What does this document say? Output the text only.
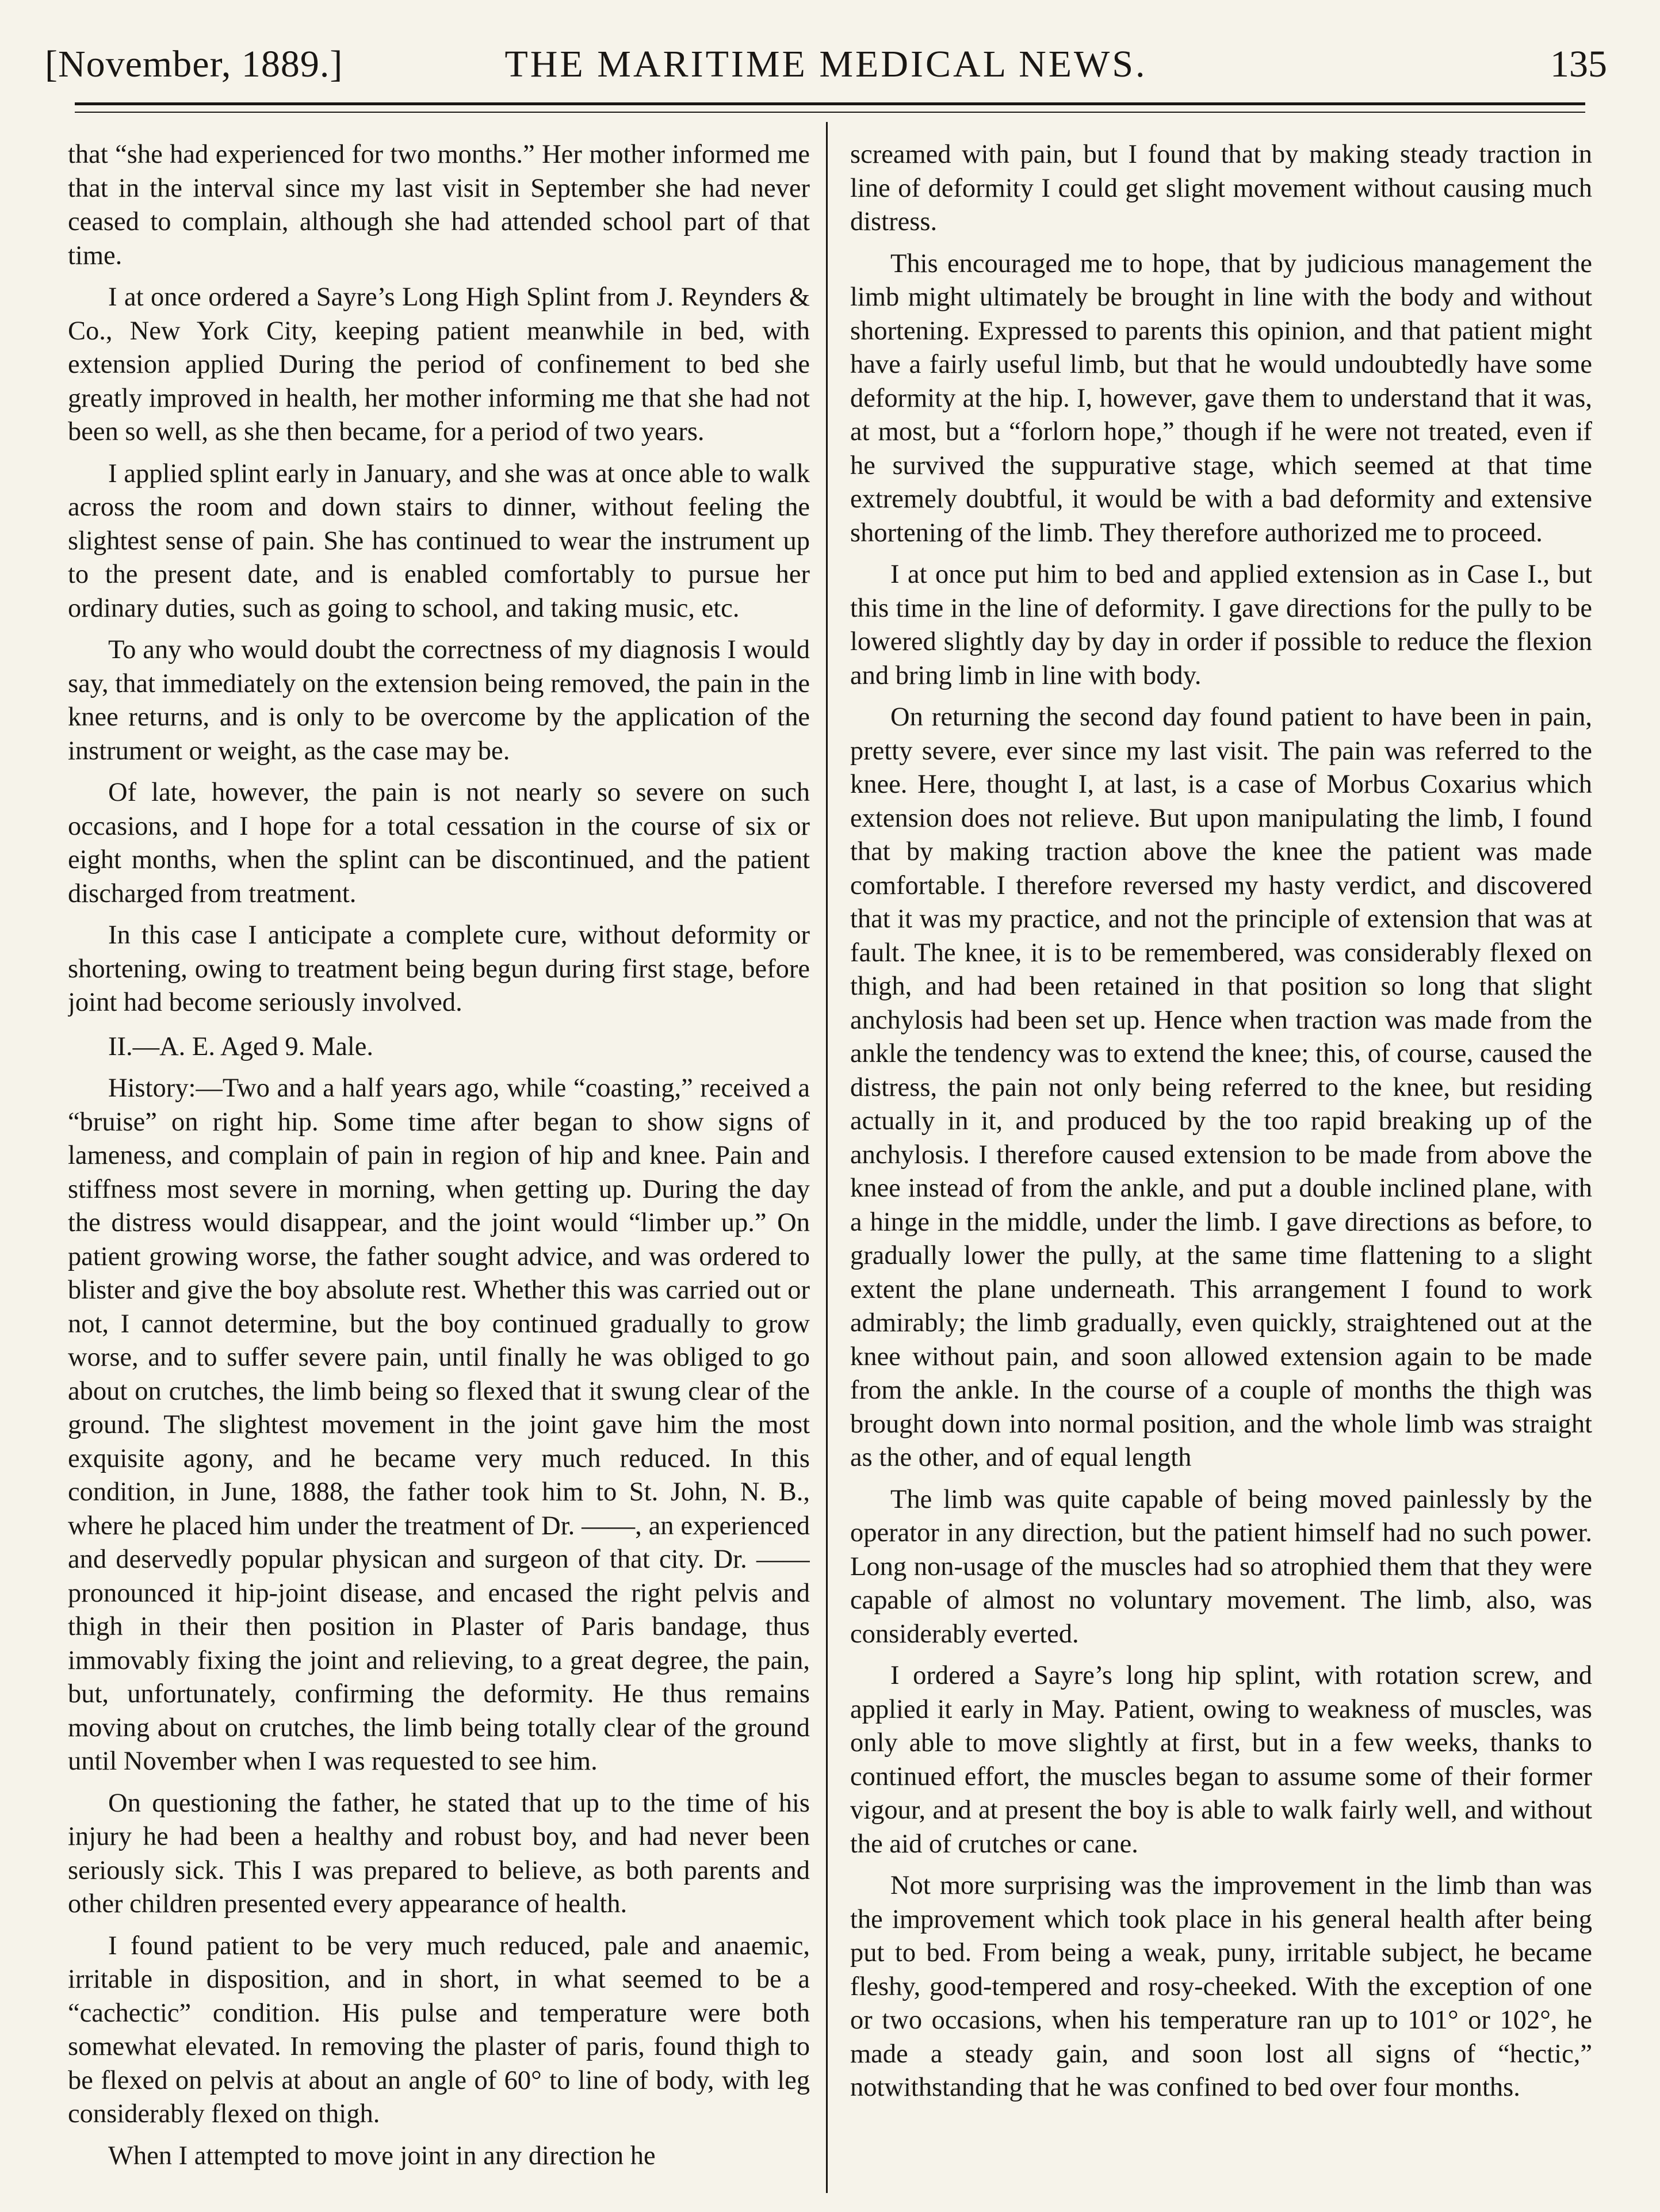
[November, 1889.]	THE MARITIME MEDICAL NEWS.	135

that “she had experienced for two months.” Her mother informed me that in the interval since my last visit in September she had never ceased to complain, although she had attended school part of that time.

I at once ordered a Sayre’s Long High Splint from J. Reynders & Co., New York City, keeping patient meanwhile in bed, with extension applied During the period of confinement to bed she greatly improved in health, her mother informing me that she had not been so well, as she then became, for a period of two years.

I applied splint early in January, and she was at once able to walk across the room and down stairs to dinner, without feeling the slightest sense of pain. She has continued to wear the instrument up to the present date, and is enabled comfortably to pursue her ordinary duties, such as going to school, and taking music, etc.

To any who would doubt the correctness of my diagnosis I would say, that immediately on the extension being removed, the pain in the knee returns, and is only to be overcome by the application of the instrument or weight, as the case may be.

Of late, however, the pain is not nearly so severe on such occasions, and I hope for a total cessation in the course of six or eight months, when the splint can be discontinued, and the patient discharged from treatment.

In this case I anticipate a complete cure, without deformity or shortening, owing to treatment being begun during first stage, before joint had become seriously involved.

II.—A. E. Aged 9. Male.

History:—Two and a half years ago, while “coasting,” received a “bruise” on right hip. Some time after began to show signs of lameness, and complain of pain in region of hip and knee. Pain and stiffness most severe in morning, when getting up. During the day the distress would disappear, and the joint would “limber up.” On patient growing worse, the father sought advice, and was ordered to blister and give the boy absolute rest. Whether this was carried out or not, I cannot determine, but the boy continued gradually to grow worse, and to suffer severe pain, until finally he was obliged to go about on crutches, the limb being so flexed that it swung clear of the ground. The slightest movement in the joint gave him the most exquisite agony, and he became very much reduced. In this condition, in June, 1888, the father took him to St. John, N. B., where he placed him under the treatment of Dr. ——, an experienced and deservedly popular physican and surgeon of that city. Dr. —— pronounced it hip-joint disease, and encased the right pelvis and thigh in their then position in Plaster of Paris bandage, thus immovably fixing the joint and relieving, to a great degree, the pain, but, unfortunately, confirming the deformity. He thus remains moving about on crutches, the limb being totally clear of the ground until November when I was requested to see him.

On questioning the father, he stated that up to the time of his injury he had been a healthy and robust boy, and had never been seriously sick. This I was prepared to believe, as both parents and other children presented every appearance of health.

I found patient to be very much reduced, pale and anaemic, irritable in disposition, and in short, in what seemed to be a “cachectic” condition. His pulse and temperature were both somewhat elevated. In removing the plaster of paris, found thigh to be flexed on pelvis at about an angle of 60° to line of body, with leg considerably flexed on thigh.

When I attempted to move joint in any direction he

screamed with pain, but I found that by making steady traction in line of deformity I could get slight movement without causing much distress.

This encouraged me to hope, that by judicious management the limb might ultimately be brought in line with the body and without shortening. Expressed to parents this opinion, and that patient might have a fairly useful limb, but that he would undoubtedly have some deformity at the hip. I, however, gave them to understand that it was, at most, but a “forlorn hope,” though if he were not treated, even if he survived the suppurative stage, which seemed at that time extremely doubtful, it would be with a bad deformity and extensive shortening of the limb. They therefore authorized me to proceed.

I at once put him to bed and applied extension as in Case I., but this time in the line of deformity. I gave directions for the pully to be lowered slightly day by day in order if possible to reduce the flexion and bring limb in line with body.

On returning the second day found patient to have been in pain, pretty severe, ever since my last visit. The pain was referred to the knee. Here, thought I, at last, is a case of Morbus Coxarius which extension does not relieve. But upon manipulating the limb, I found that by making traction above the knee the patient was made comfortable. I therefore reversed my hasty verdict, and discovered that it was my practice, and not the principle of extension that was at fault. The knee, it is to be remembered, was considerably flexed on thigh, and had been retained in that position so long that slight anchylosis had been set up. Hence when traction was made from the ankle the tendency was to extend the knee; this, of course, caused the distress, the pain not only being referred to the knee, but residing actually in it, and produced by the too rapid breaking up of the anchylosis. I therefore caused extension to be made from above the knee instead of from the ankle, and put a double inclined plane, with a hinge in the middle, under the limb. I gave directions as before, to gradually lower the pully, at the same time flattening to a slight extent the plane underneath. This arrangement I found to work admirably; the limb gradually, even quickly, straightened out at the knee without pain, and soon allowed extension again to be made from the ankle. In the course of a couple of months the thigh was brought down into normal position, and the whole limb was straight as the other, and of equal length

The limb was quite capable of being moved painlessly by the operator in any direction, but the patient himself had no such power. Long non-usage of the muscles had so atrophied them that they were capable of almost no voluntary movement. The limb, also, was considerably everted.

I ordered a Sayre’s long hip splint, with rotation screw, and applied it early in May. Patient, owing to weakness of muscles, was only able to move slightly at first, but in a few weeks, thanks to continued effort, the muscles began to assume some of their former vigour, and at present the boy is able to walk fairly well, and without the aid of crutches or cane.

Not more surprising was the improvement in the limb than was the improvement which took place in his general health after being put to bed. From being a weak, puny, irritable subject, he became fleshy, good-tempered and rosy-cheeked. With the exception of one or two occasions, when his temperature ran up to 101° or 102°, he made a steady gain, and soon lost all signs of “hectic,” notwithstanding that he was confined to bed over four months.
